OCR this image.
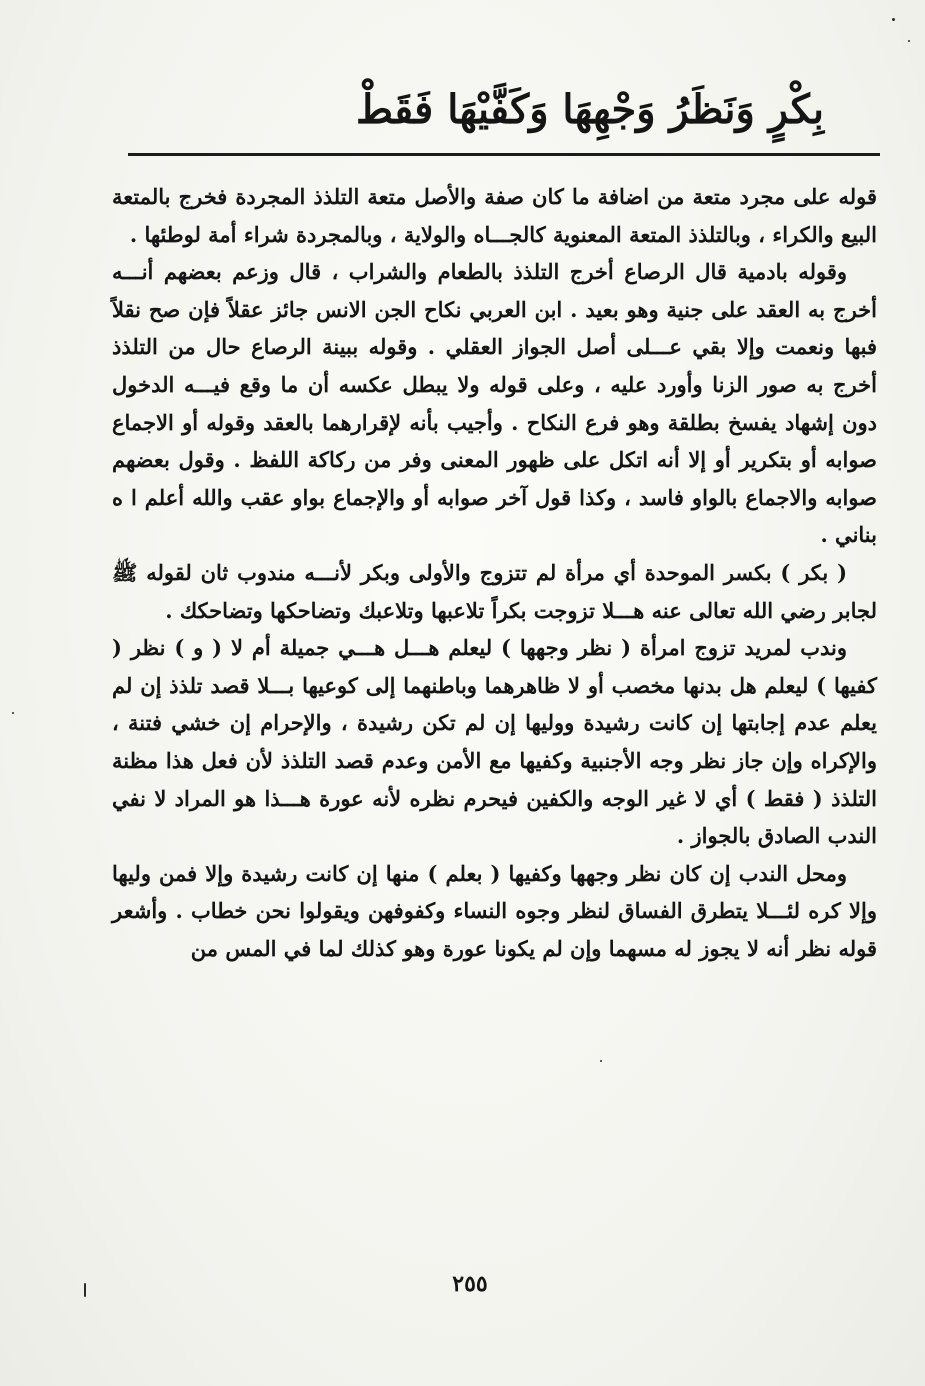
بِكْرٍ وَنَظَرُ وَجْهِهَا وَكَفَّيْهَا فَقَطْ

قوله على مجرد متعة من اضافة ما كان صفة والأصل متعة التلذذ المجردة فخرج بالمتعة البيع والكراء ، وبالتلذذ المتعة المعنوية كالجـــاه والولاية ، وبالمجردة شراء أمة لوطئها .

وقوله بادمية قال الرصاع أخرج التلذذ بالطعام والشراب ، قال وزعم بعضهم أنـــه أخرج به العقد على جنية وهو بعيد . ابن العربي نكاح الجن الانس جائز عقلاً فإن صح نقلاً فبها ونعمت وإلا بقي عـــلى أصل الجواز العقلي . وقوله ببينة الرصاع حال من التلذذ أخرج به صور الزنا وأورد عليه ، وعلى قوله ولا يبطل عكسه أن ما وقع فيـــه الدخول دون إشهاد يفسخ بطلقة وهو فرع النكاح . وأجيب بأنه لإقرارهما بالعقد وقوله أو الاجماع صوابه أو بتكرير أو إلا أنه اتكل على ظهور المعنى وفر من ركاكة اللفظ . وقول بعضهم صوابه والاجماع بالواو فاسد ، وكذا قول آخر صوابه أو والإجماع بواو عقب والله أعلم ا ه بناني .

( بكر ) بكسر الموحدة أي مرأة لم تتزوج والأولى وبكر لأنـــه مندوب ثان لقوله ﷺ لجابر رضي الله تعالى عنه هـــلا تزوجت بكراً تلاعبها وتلاعبك وتضاحكها وتضاحكك .

وندب لمريد تزوج امرأة ( نظر وجهها ) ليعلم هـــل هـــي جميلة أم لا ( و ) نظر ( كفيها ) ليعلم هل بدنها مخصب أو لا ظاهرهما وباطنهما إلى كوعيها بـــلا قصد تلذذ إن لم يعلم عدم إجابتها إن كانت رشيدة ووليها إن لم تكن رشيدة ، والإحرام إن خشي فتنة ، والإكراه وإن جاز نظر وجه الأجنبية وكفيها مع الأمن وعدم قصد التلذذ لأن فعل هذا مظنة التلذذ ( فقط ) أي لا غير الوجه والكفين فيحرم نظره لأنه عورة هـــذا هو المراد لا نفي الندب الصادق بالجواز .

ومحل الندب إن كان نظر وجهها وكفيها ( بعلم ) منها إن كانت رشيدة وإلا فمن وليها وإلا كره لئـــلا يتطرق الفساق لنظر وجوه النساء وكفوفهن ويقولوا نحن خطاب . وأشعر قوله نظر أنه لا يجوز له مسهما وإن لم يكونا عورة وهو كذلك لما في المس من

٢٥٥
